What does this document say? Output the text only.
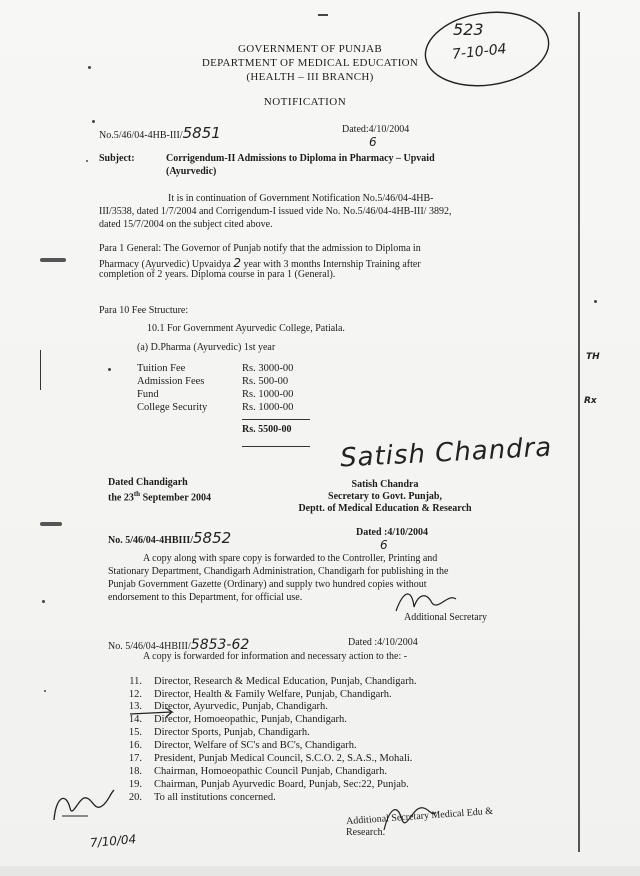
GOVERNMENT OF PUNJAB
DEPARTMENT OF MEDICAL EDUCATION
(HEALTH – III BRANCH)
NOTIFICATION
523
7-10-04
No.5/46/04-4HB-III/5851	Dated:4/10/2004
6
Subject:	Corrigendum-II Admissions to Diploma in Pharmacy – Upvaid
(Ayurvedic)
It is in continuation of Government Notification No.5/46/04-4HB-
III/3538, dated 1/7/2004 and Corrigendum-I issued vide No. No.5/46/04-4HB-III/ 3892,
dated 15/7/2004 on the subject cited above.
Para 1 General: The Governor of Punjab notify that the admission to Diploma in
Pharmacy (Ayurvedic) Upvaidya 2 year with 3 months Internship Training after
completion of 2 years. Diploma course in para 1 (General).
Para 10 Fee Structure:
10.1 For Government Ayurvedic College, Patiala.
(a) D.Pharma (Ayurvedic) 1st year
Tuition Fee	Rs. 3000-00
Admission Fees	Rs. 500-00
Fund	Rs. 1000-00
College Security	Rs. 1000-00
Rs. 5500-00
Satish Chandra
Dated Chandigarh
the 23th September 2004
Satish Chandra
Secretary to Govt. Punjab,
Deptt. of Medical Education & Research
No. 5/46/04-4HBIII/5852	Dated :4/10/2004
6
A copy along with spare copy is forwarded to the Controller, Printing and
Stationary Department, Chandigarh Administration, Chandigarh for publishing in the
Punjab Government Gazette (Ordinary) and supply two hundred copies without
endorsement to this Department, for official use.
Additional Secretary
No. 5/46/04-4HBIII/5853-62	Dated :4/10/2004
A copy is forwarded for information and necessary action to the: -
11. Director, Research & Medical Education, Punjab, Chandigarh.
12. Director, Health & Family Welfare, Punjab, Chandigarh.
13. Director, Ayurvedic, Punjab, Chandigarh.
14. Director, Homoeopathic, Punjab, Chandigarh.
15. Director Sports, Punjab, Chandigarh.
16. Director, Welfare of SC's and BC's, Chandigarh.
17. President, Punjab Medical Council, S.C.O. 2, S.A.S., Mohali.
18. Chairman, Homoeopathic Council Punjab, Chandigarh.
19. Chairman, Punjab Ayurvedic Board, Punjab, Sec:22, Punjab.
20. To all institutions concerned.
Additional Secretary Medical Edu &
Research.
TH
Rx
7/10/04
